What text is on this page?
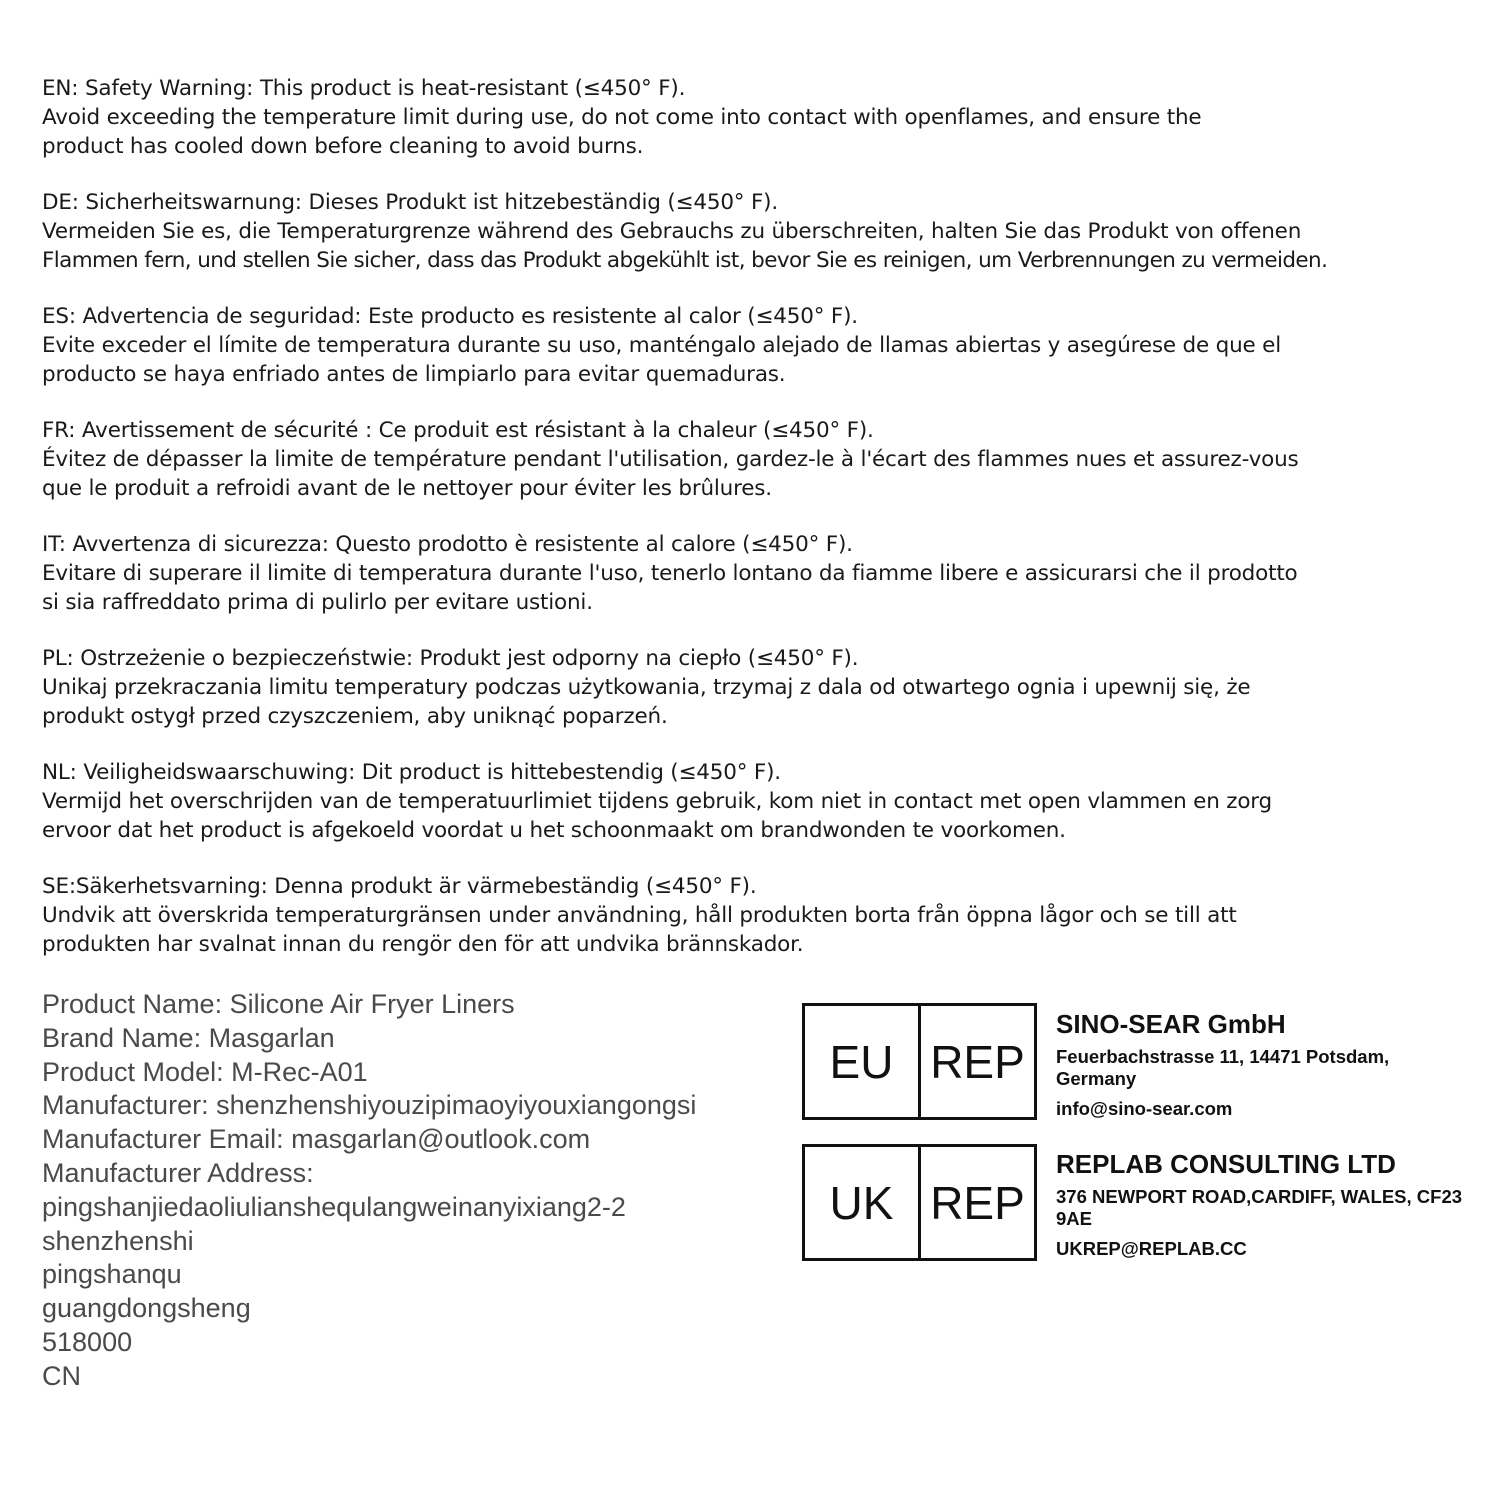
EN: Safety Warning: This product is heat-resistant (≤450° F).
Avoid exceeding the temperature limit during use, do not come into contact with openflames, and ensure the
product has cooled down before cleaning to avoid burns.
DE: Sicherheitswarnung: Dieses Produkt ist hitzebeständig (≤450° F).
Vermeiden Sie es, die Temperaturgrenze während des Gebrauchs zu überschreiten, halten Sie das Produkt von offenen
Flammen fern, und stellen Sie sicher, dass das Produkt abgekühlt ist, bevor Sie es reinigen, um Verbrennungen zu vermeiden.
ES: Advertencia de seguridad: Este producto es resistente al calor (≤450° F).
Evite exceder el límite de temperatura durante su uso, manténgalo alejado de llamas abiertas y asegúrese de que el
producto se haya enfriado antes de limpiarlo para evitar quemaduras.
FR: Avertissement de sécurité : Ce produit est résistant à la chaleur (≤450° F).
Évitez de dépasser la limite de température pendant l'utilisation, gardez-le à l'écart des flammes nues et assurez-vous
que le produit a refroidi avant de le nettoyer pour éviter les brûlures.
IT: Avvertenza di sicurezza: Questo prodotto è resistente al calore (≤450° F).
Evitare di superare il limite di temperatura durante l'uso, tenerlo lontano da fiamme libere e assicurarsi che il prodotto
si sia raffreddato prima di pulirlo per evitare ustioni.
PL: Ostrzeżenie o bezpieczeństwie: Produkt jest odporny na ciepło (≤450° F).
Unikaj przekraczania limitu temperatury podczas użytkowania, trzymaj z dala od otwartego ognia i upewnij się, że
produkt ostygł przed czyszczeniem, aby uniknąć poparzeń.
NL: Veiligheidswaarschuwing: Dit product is hittebestendig (≤450° F).
Vermijd het overschrijden van de temperatuurlimiet tijdens gebruik, kom niet in contact met open vlammen en zorg
ervoor dat het product is afgekoeld voordat u het schoonmaakt om brandwonden te voorkomen.
SE:Säkerhetsvarning: Denna produkt är värmebeständig (≤450° F).
Undvik att överskrida temperaturgränsen under användning, håll produkten borta från öppna lågor och se till att
produkten har svalnat innan du rengör den för att undvika brännskador.
Product Name: Silicone Air Fryer Liners
Brand Name: Masgarlan
Product Model: M-Rec-A01
Manufacturer: shenzhenshiyouzipimaoyiyouxiangongsi
Manufacturer Email: masgarlan@outlook.com
Manufacturer Address:
pingshanjiedaoliulianshequlangweinanyixiang2-2
shenzhenshi
pingshanqu
guangdongsheng
518000
CN
EU REP
SINO-SEAR GmbH
Feuerbachstrasse 11, 14471 Potsdam, Germany
info@sino-sear.com
UK REP
REPLAB CONSULTING LTD
376 NEWPORT ROAD,CARDIFF, WALES, CF23 9AE
UKREP@REPLAB.CC
